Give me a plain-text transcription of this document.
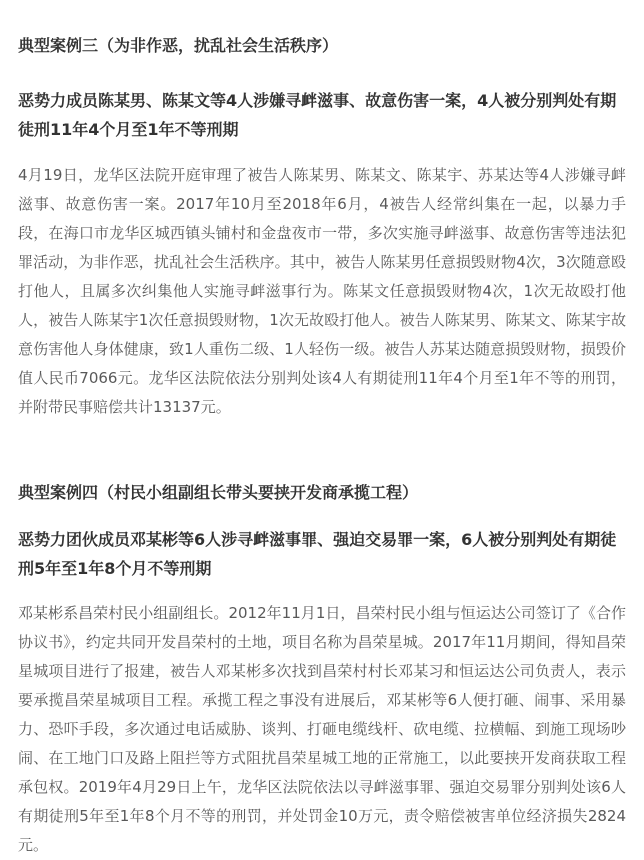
典型案例三（为非作恶，扰乱社会生活秩序）

恶势力成员陈某男、陈某文等4人涉嫌寻衅滋事、故意伤害一案，4人被分别判处有期徒刑11年4个月至1年不等刑期

4月19日，龙华区法院开庭审理了被告人陈某男、陈某文、陈某宇、苏某达等4人涉嫌寻衅滋事、故意伤害一案。2017年10月至2018年6月，4被告人经常纠集在一起，以暴力手段，在海口市龙华区城西镇头铺村和金盘夜市一带，多次实施寻衅滋事、故意伤害等违法犯罪活动，为非作恶，扰乱社会生活秩序。其中，被告人陈某男任意损毁财物4次，3次随意殴打他人，且属多次纠集他人实施寻衅滋事行为。陈某文任意损毁财物4次，1次无故殴打他人，被告人陈某宇1次任意损毁财物，1次无故殴打他人。被告人陈某男、陈某文、陈某宇故意伤害他人身体健康，致1人重伤二级、1人轻伤一级。被告人苏某达随意损毁财物，损毁价值人民币7066元。龙华区法院依法分别判处该4人有期徒刑11年4个月至1年不等的刑罚，并附带民事赔偿共计13137元。

典型案例四（村民小组副组长带头要挟开发商承揽工程）

恶势力团伙成员邓某彬等6人涉寻衅滋事罪、强迫交易罪一案，6人被分别判处有期徒刑5年至1年8个月不等刑期

邓某彬系昌荣村民小组副组长。2012年11月1日，昌荣村民小组与恒运达公司签订了《合作协议书》，约定共同开发昌荣村的土地，项目名称为昌荣星城。2017年11月期间，得知昌荣星城项目进行了报建，被告人邓某彬多次找到昌荣村村长邓某习和恒运达公司负责人，表示要承揽昌荣星城项目工程。承揽工程之事没有进展后，邓某彬等6人便打砸、闹事、采用暴力、恐吓手段，多次通过电话威胁、谈判、打砸电缆线杆、砍电缆、拉横幅、到施工现场吵闹、在工地门口及路上阻拦等方式阻扰昌荣星城工地的正常施工，以此要挟开发商获取工程承包权。2019年4月29日上午，龙华区法院依法以寻衅滋事罪、强迫交易罪分别判处该6人有期徒刑5年至1年8个月不等的刑罚，并处罚金10万元，责令赔偿被害单位经济损失2824元。
